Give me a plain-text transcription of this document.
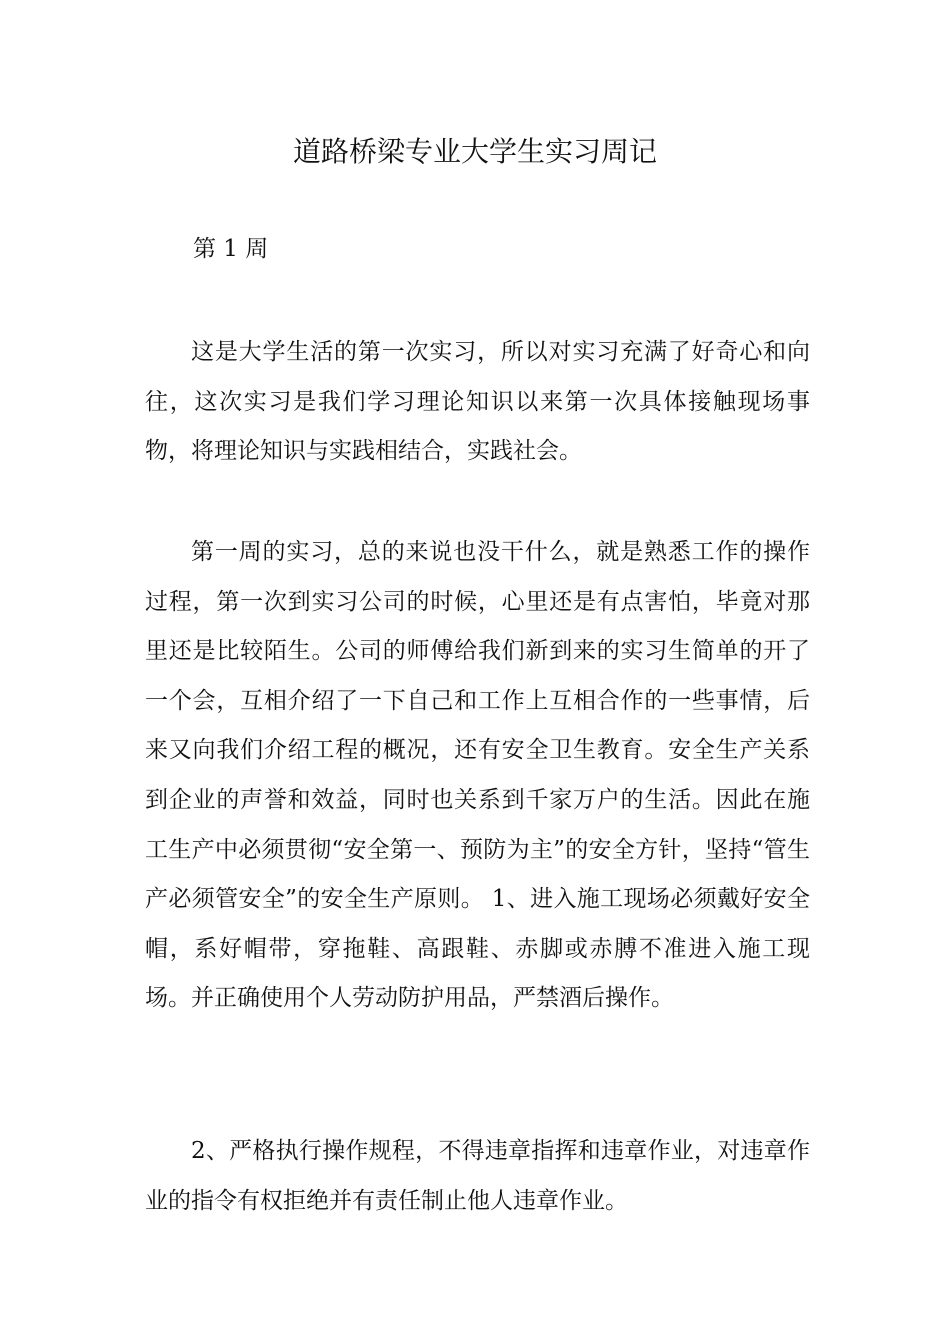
道路桥梁专业大学生实习周记

第 1 周

这是大学生活的第一次实习，所以对实习充满了好奇心和向往，这次实习是我们学习理论知识以来第一次具体接触现场事物，将理论知识与实践相结合，实践社会。

第一周的实习，总的来说也没干什么，就是熟悉工作的操作过程，第一次到实习公司的时候，心里还是有点害怕，毕竟对那里还是比较陌生。公司的师傅给我们新到来的实习生简单的开了一个会，互相介绍了一下自己和工作上互相合作的一些事情，后来又向我们介绍工程的概况，还有安全卫生教育。安全生产关系到企业的声誉和效益，同时也关系到千家万户的生活。因此在施工生产中必须贯彻“安全第一、预防为主”的安全方针，坚持“管生产必须管安全”的安全生产原则。 1、进入施工现场必须戴好安全帽，系好帽带，穿拖鞋、高跟鞋、赤脚或赤膊不准进入施工现场。并正确使用个人劳动防护用品，严禁酒后操作。

2、严格执行操作规程，不得违章指挥和违章作业，对违章作业的指令有权拒绝并有责任制止他人违章作业。
